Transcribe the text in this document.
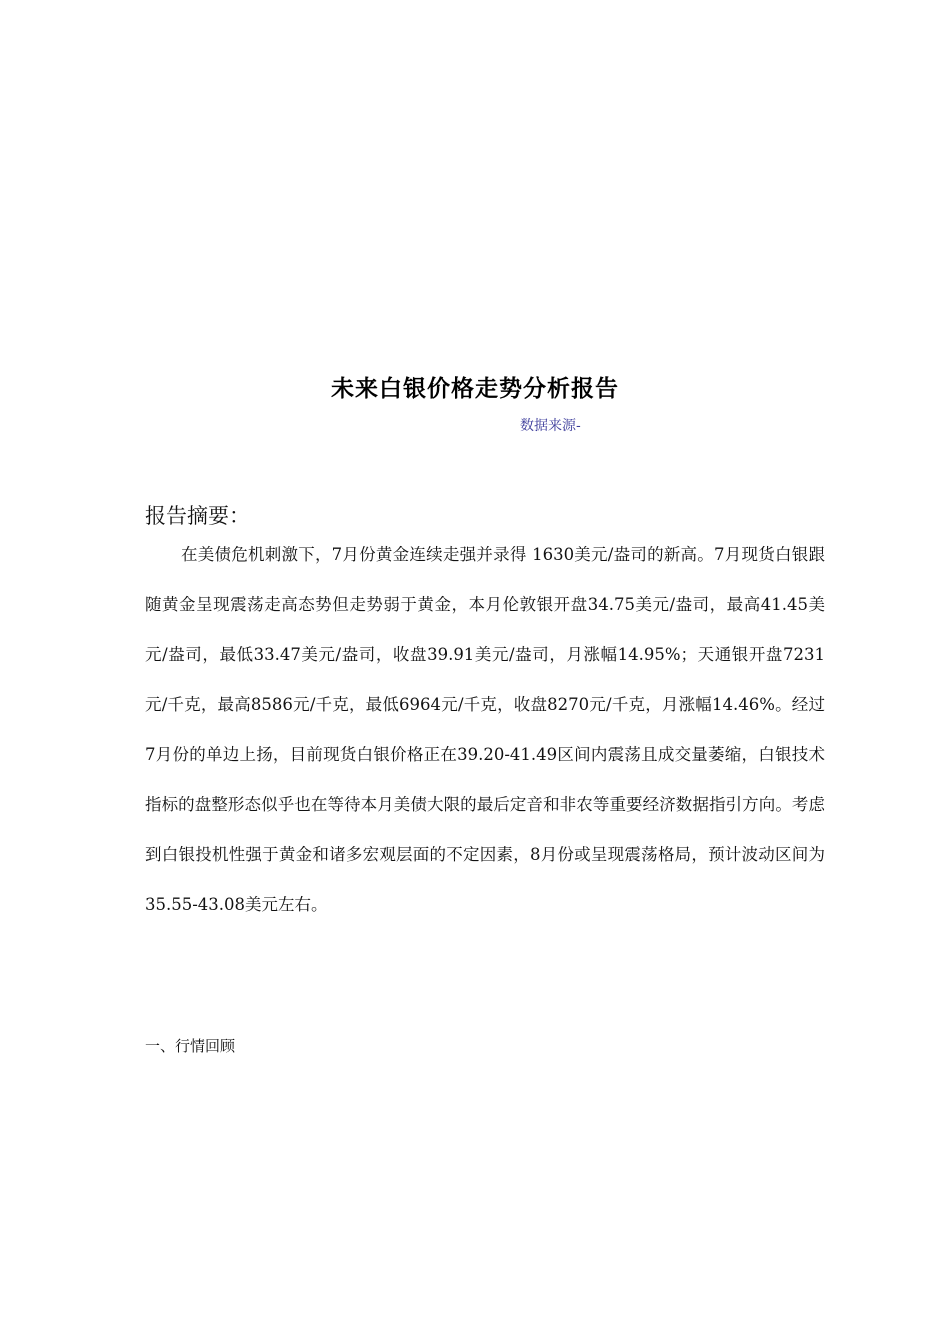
未来白银价格走势分析报告
数据来源-
报告摘要：
在美债危机刺激下，7月份黄金连续走强并录得 1630美元/盎司的新高。7月现货白银跟随黄金呈现震荡走高态势但走势弱于黄金，本月伦敦银开盘34.75美元/盎司，最高41.45美元/盎司，最低33.47美元/盎司，收盘39.91美元/盎司，月涨幅14.95%；天通银开盘7231元/千克，最高8586元/千克，最低6964元/千克，收盘8270元/千克，月涨幅14.46%。经过7月份的单边上扬，目前现货白银价格正在39.20-41.49区间内震荡且成交量萎缩，白银技术指标的盘整形态似乎也在等待本月美债大限的最后定音和非农等重要经济数据指引方向。考虑到白银投机性强于黄金和诸多宏观层面的不定因素，8月份或呈现震荡格局，预计波动区间为35.55-43.08美元左右。
一、行情回顾
